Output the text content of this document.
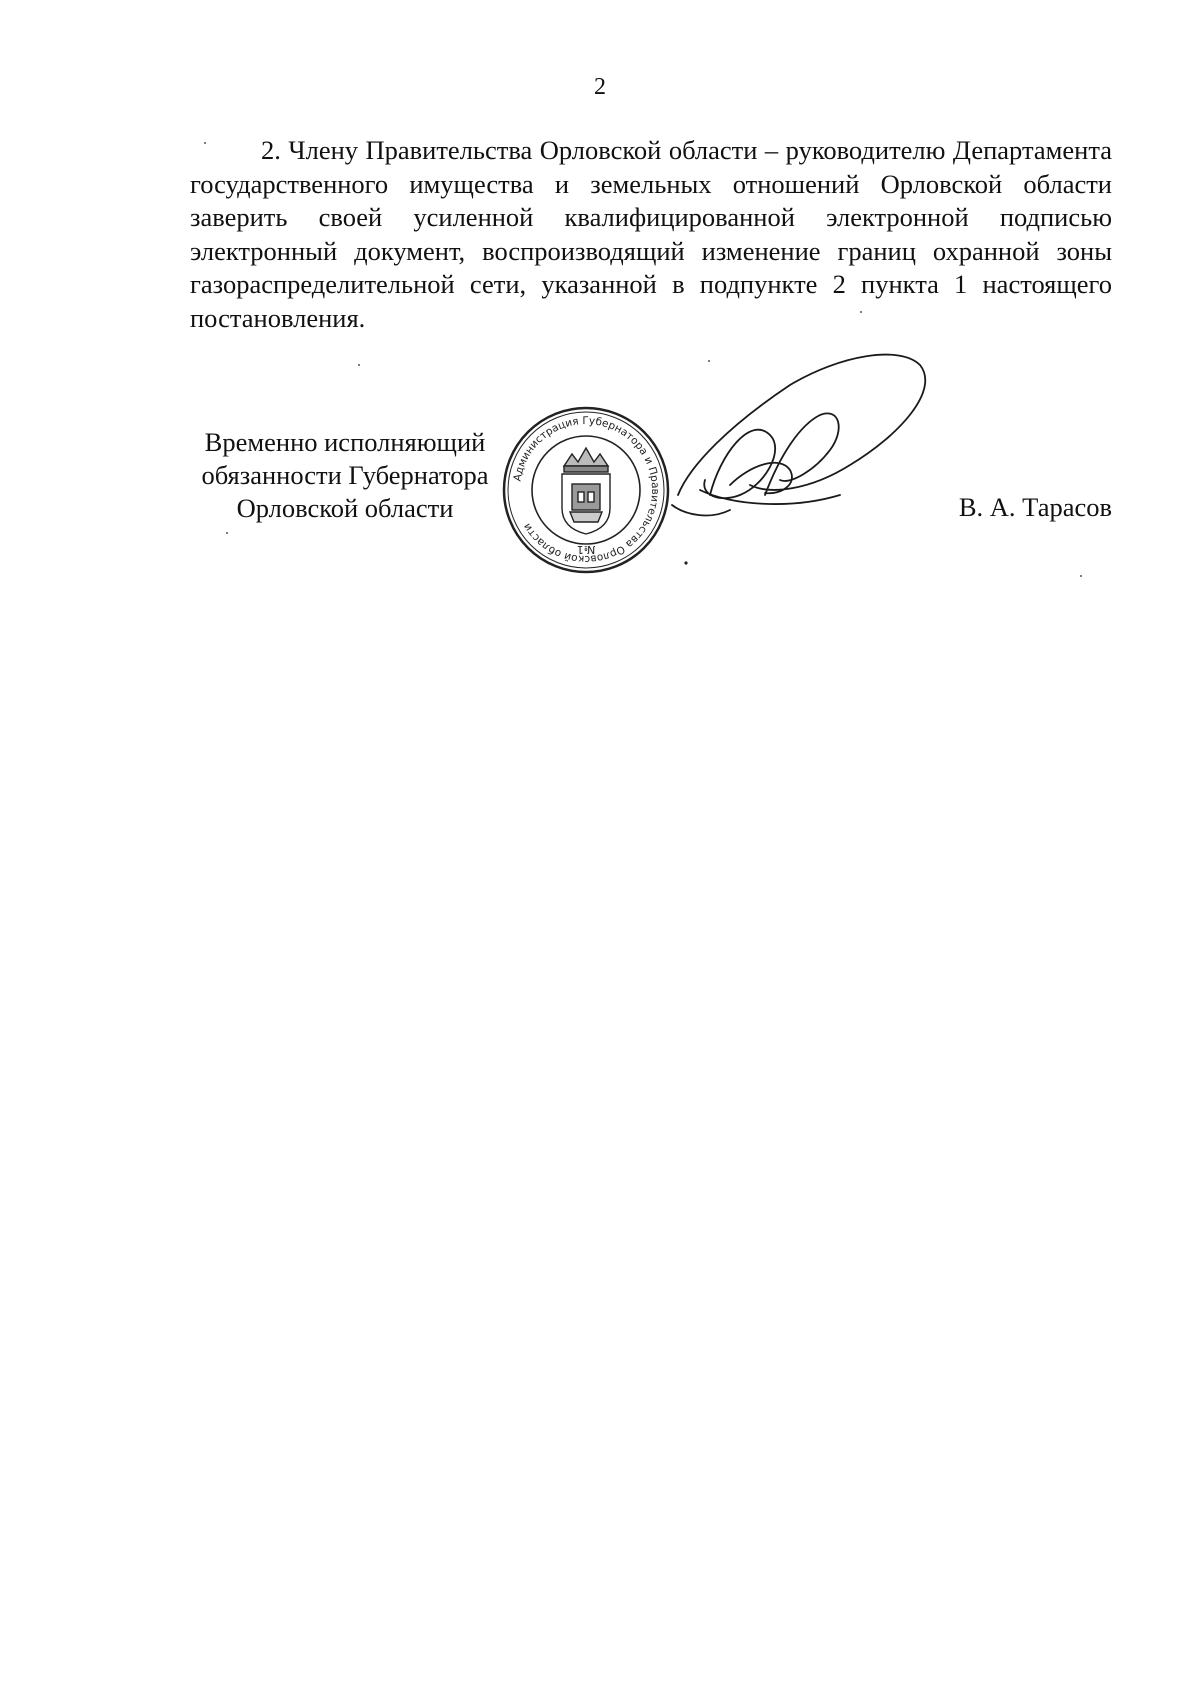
2

2. Члену Правительства Орловской области – руководителю Департамента государственного имущества и земельных отношений Орловской области заверить своей усиленной квалифицированной электронной подписью электронный документ, воспроизводящий изменение границ охранной зоны газораспределительной сети, указанной в подпункте 2 пункта 1 настоящего постановления.

Временно исполняющий
обязанности Губернатора
Орловской области
Администрация Губернатора и Правительства Орловской области
№1
В. А. Тарасов
